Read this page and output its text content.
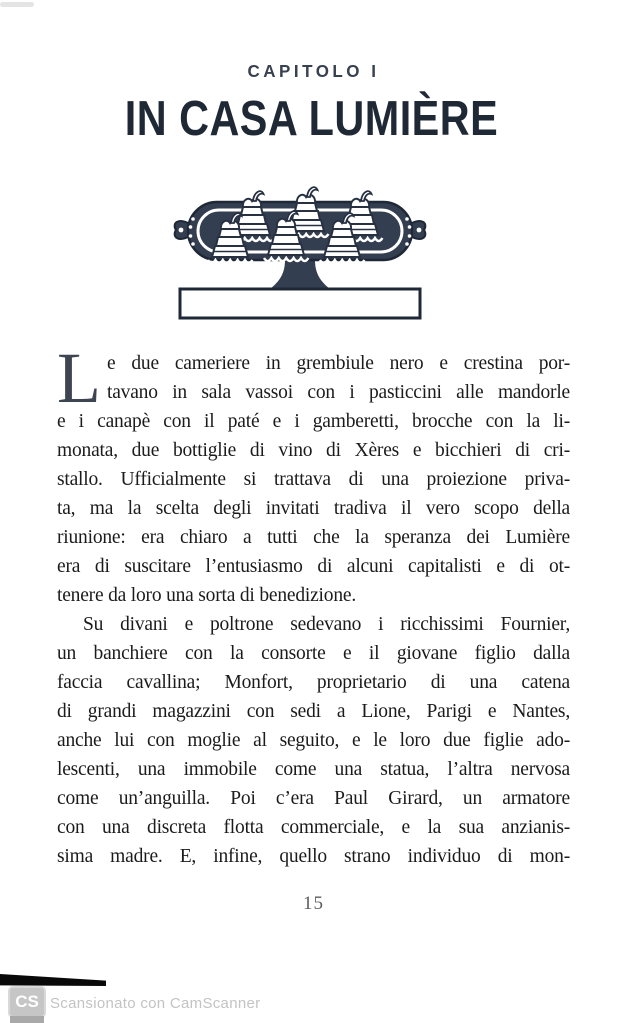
CAPITOLO I
IN CASA LUMIÈRE
L e due cameriere in grembiule nero e crestina por-
tavano in sala vassoi con i pasticcini alle mandorle
e i canapè con il paté e i gamberetti, brocche con la li-
monata, due bottiglie di vino di Xères e bicchieri di cri-
stallo. Ufficialmente si trattava di una proiezione priva-
ta, ma la scelta degli invitati tradiva il vero scopo della
riunione: era chiaro a tutti che la speranza dei Lumière
era di suscitare l’entusiasmo di alcuni capitalisti e di ot-
tenere da loro una sorta di benedizione.
Su divani e poltrone sedevano i ricchissimi Fournier,
un banchiere con la consorte e il giovane figlio dalla
faccia cavallina; Monfort, proprietario di una catena
di grandi magazzini con sedi a Lione, Parigi e Nantes,
anche lui con moglie al seguito, e le loro due figlie ado-
lescenti, una immobile come una statua, l’altra nervosa
come un’anguilla. Poi c’era Paul Girard, un armatore
con una discreta flotta commerciale, e la sua anzianis-
sima madre. E, infine, quello strano individuo di mon-
15
CS Scansionato con CamScanner
